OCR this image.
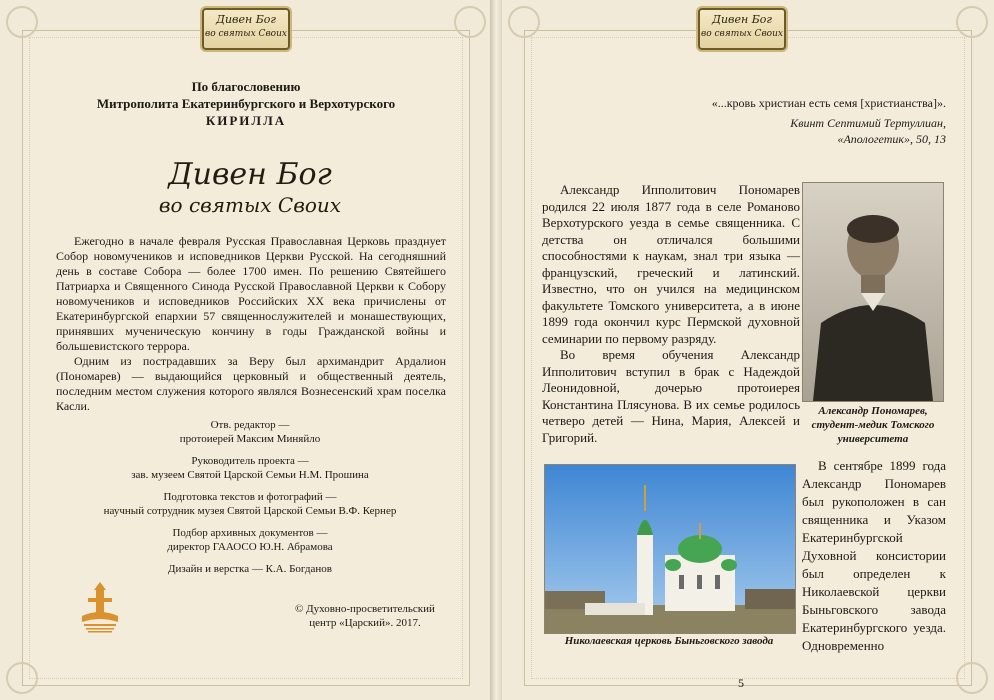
Дивен Бог
во святых Своих
По благословению
Митрополита Екатеринбургского и Верхотурского
КИРИЛЛА
Дивен Бог
во святых Своих

Ежегодно в начале февраля Русская Православная Церковь празднует Собор новомучеников и исповедников Церкви Русской. На сегодняшний день в составе Собора — более 1700 имен. По решению Святейшего Патриарха и Священного Синода Русской Православной Церкви к Собору новомучеников и исповедников Российских XX века причислены от Екатеринбургской епархии 57 священнослужителей и монашествующих, принявших мученическую кончину в годы Гражданской войны и большевистского террора.

Одним из пострадавших за Веру был архимандрит Ардалион (Пономарев) — выдающийся церковный и общественный деятель, последним местом служения которого являлся Вознесенский храм поселка Касли.

Отв. редактор —
протоиерей Максим Миняйло
Руководитель проекта —
зав. музеем Святой Царской Семьи Н.М. Прошина
Подготовка текстов и фотографий —
научный сотрудник музея Святой Царской Семьи В.Ф. Кернер
Подбор архивных документов —
директор ГААОСО Ю.Н. Абрамова
Дизайн и верстка — К.А. Богданов
© Духовно-просветительский
центр «Царский». 2017.
Дивен Бог
во святых Своих
«...кровь христиан есть семя [христианства]».
Квинт Септимий Тертуллиан,
«Апологетик», 50, 13

Александр Ипполитович Пономарев родился 22 июля 1877 года в селе Романово Верхотурского уезда в семье священника. С детства он отличался большими способностями к наукам, знал три языка — французский, греческий и латинский. Известно, что он учился на медицинском факультете Томского университета, а в июне 1899 года окончил курс Пермской духовной семинарии по первому разряду.

Во время обучения Александр Ипполитович вступил в брак с Надеждой Леонидовной, дочерью протоиерея Константина Плясунова. В их семье родилось четверо детей — Нина, Мария, Алексей и Григорий.

Александр Пономарев,
студент-медик Томского
университета
Николаевская церковь Быньговского завода

В сентябре 1899 года Александр Пономарев был рукоположен в сан священника и Указом Екатеринбургской Духовной консистории был определен к Николаевской церкви Быньговского завода Екатеринбургского уезда. Одновременно

5
